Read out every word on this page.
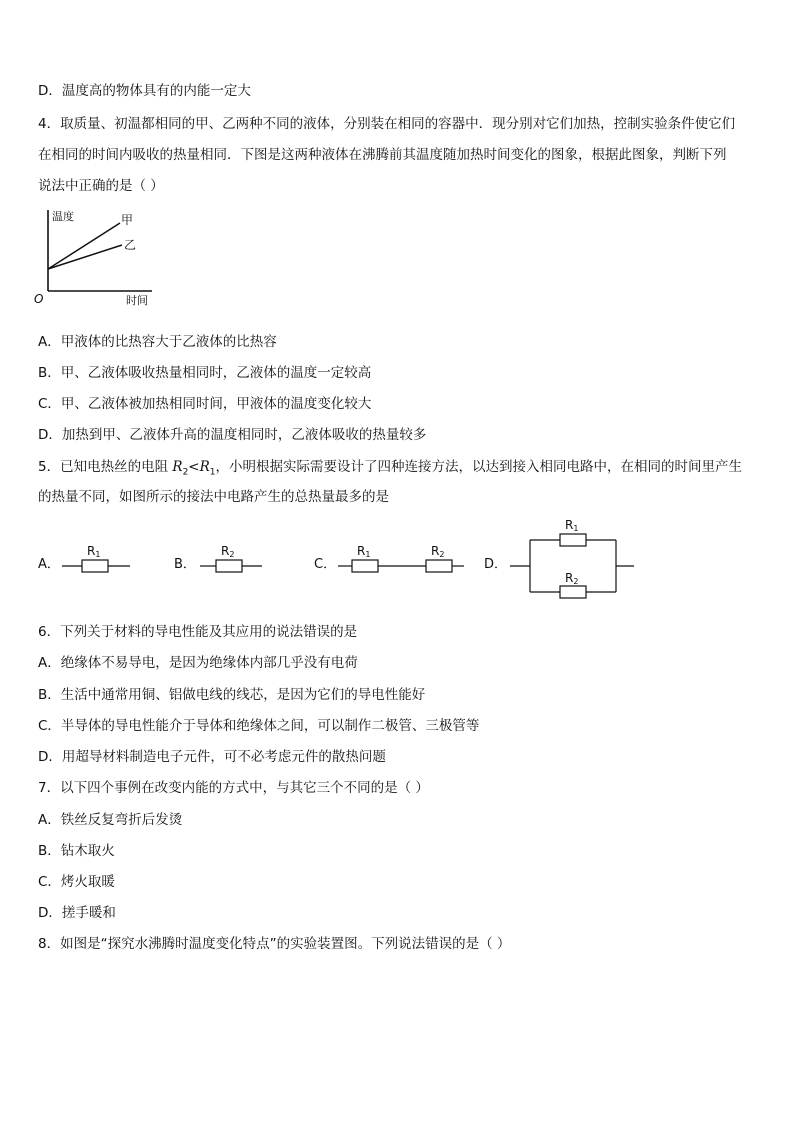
D．温度高的物体具有的内能一定大
4．取质量、初温都相同的甲、乙两种不同的液体，分别装在相同的容器中．现分别对它们加热，控制实验条件使它们
在相同的时间内吸收的热量相同．下图是这两种液体在沸腾前其温度随加热时间变化的图象，根据此图象，判断下列
说法中正确的是（ ）
温度
时间
O
甲
乙
A．甲液体的比热容大于乙液体的比热容
B．甲、乙液体吸收热量相同时，乙液体的温度一定较高
C．甲、乙液体被加热相同时间，甲液体的温度变化较大
D．加热到甲、乙液体升高的温度相同时，乙液体吸收的热量较多
5．已知电热丝的电阻 $R_2<R_1$，小明根据实际需要设计了四种连接方法，以达到接入相同电路中，在相同的时间里产生
的热量不同，如图所示的接法中电路产生的总热量最多的是
A．	B．	C．	D．
R1	R2	R1	R2
R1
R2
6．下列关于材料的导电性能及其应用的说法错误的是
A．绝缘体不易导电，是因为绝缘体内部几乎没有电荷
B．生活中通常用铜、铝做电线的线芯，是因为它们的导电性能好
C．半导体的导电性能介于导体和绝缘体之间，可以制作二极管、三极管等
D．用超导材料制造电子元件，可不必考虑元件的散热问题
7．以下四个事例在改变内能的方式中，与其它三个不同的是（ ）
A．铁丝反复弯折后发烫
B．钻木取火
C．烤火取暖
D．搓手暖和
8．如图是“探究水沸腾时温度变化特点”的实验装置图。下列说法错误的是（ ）
